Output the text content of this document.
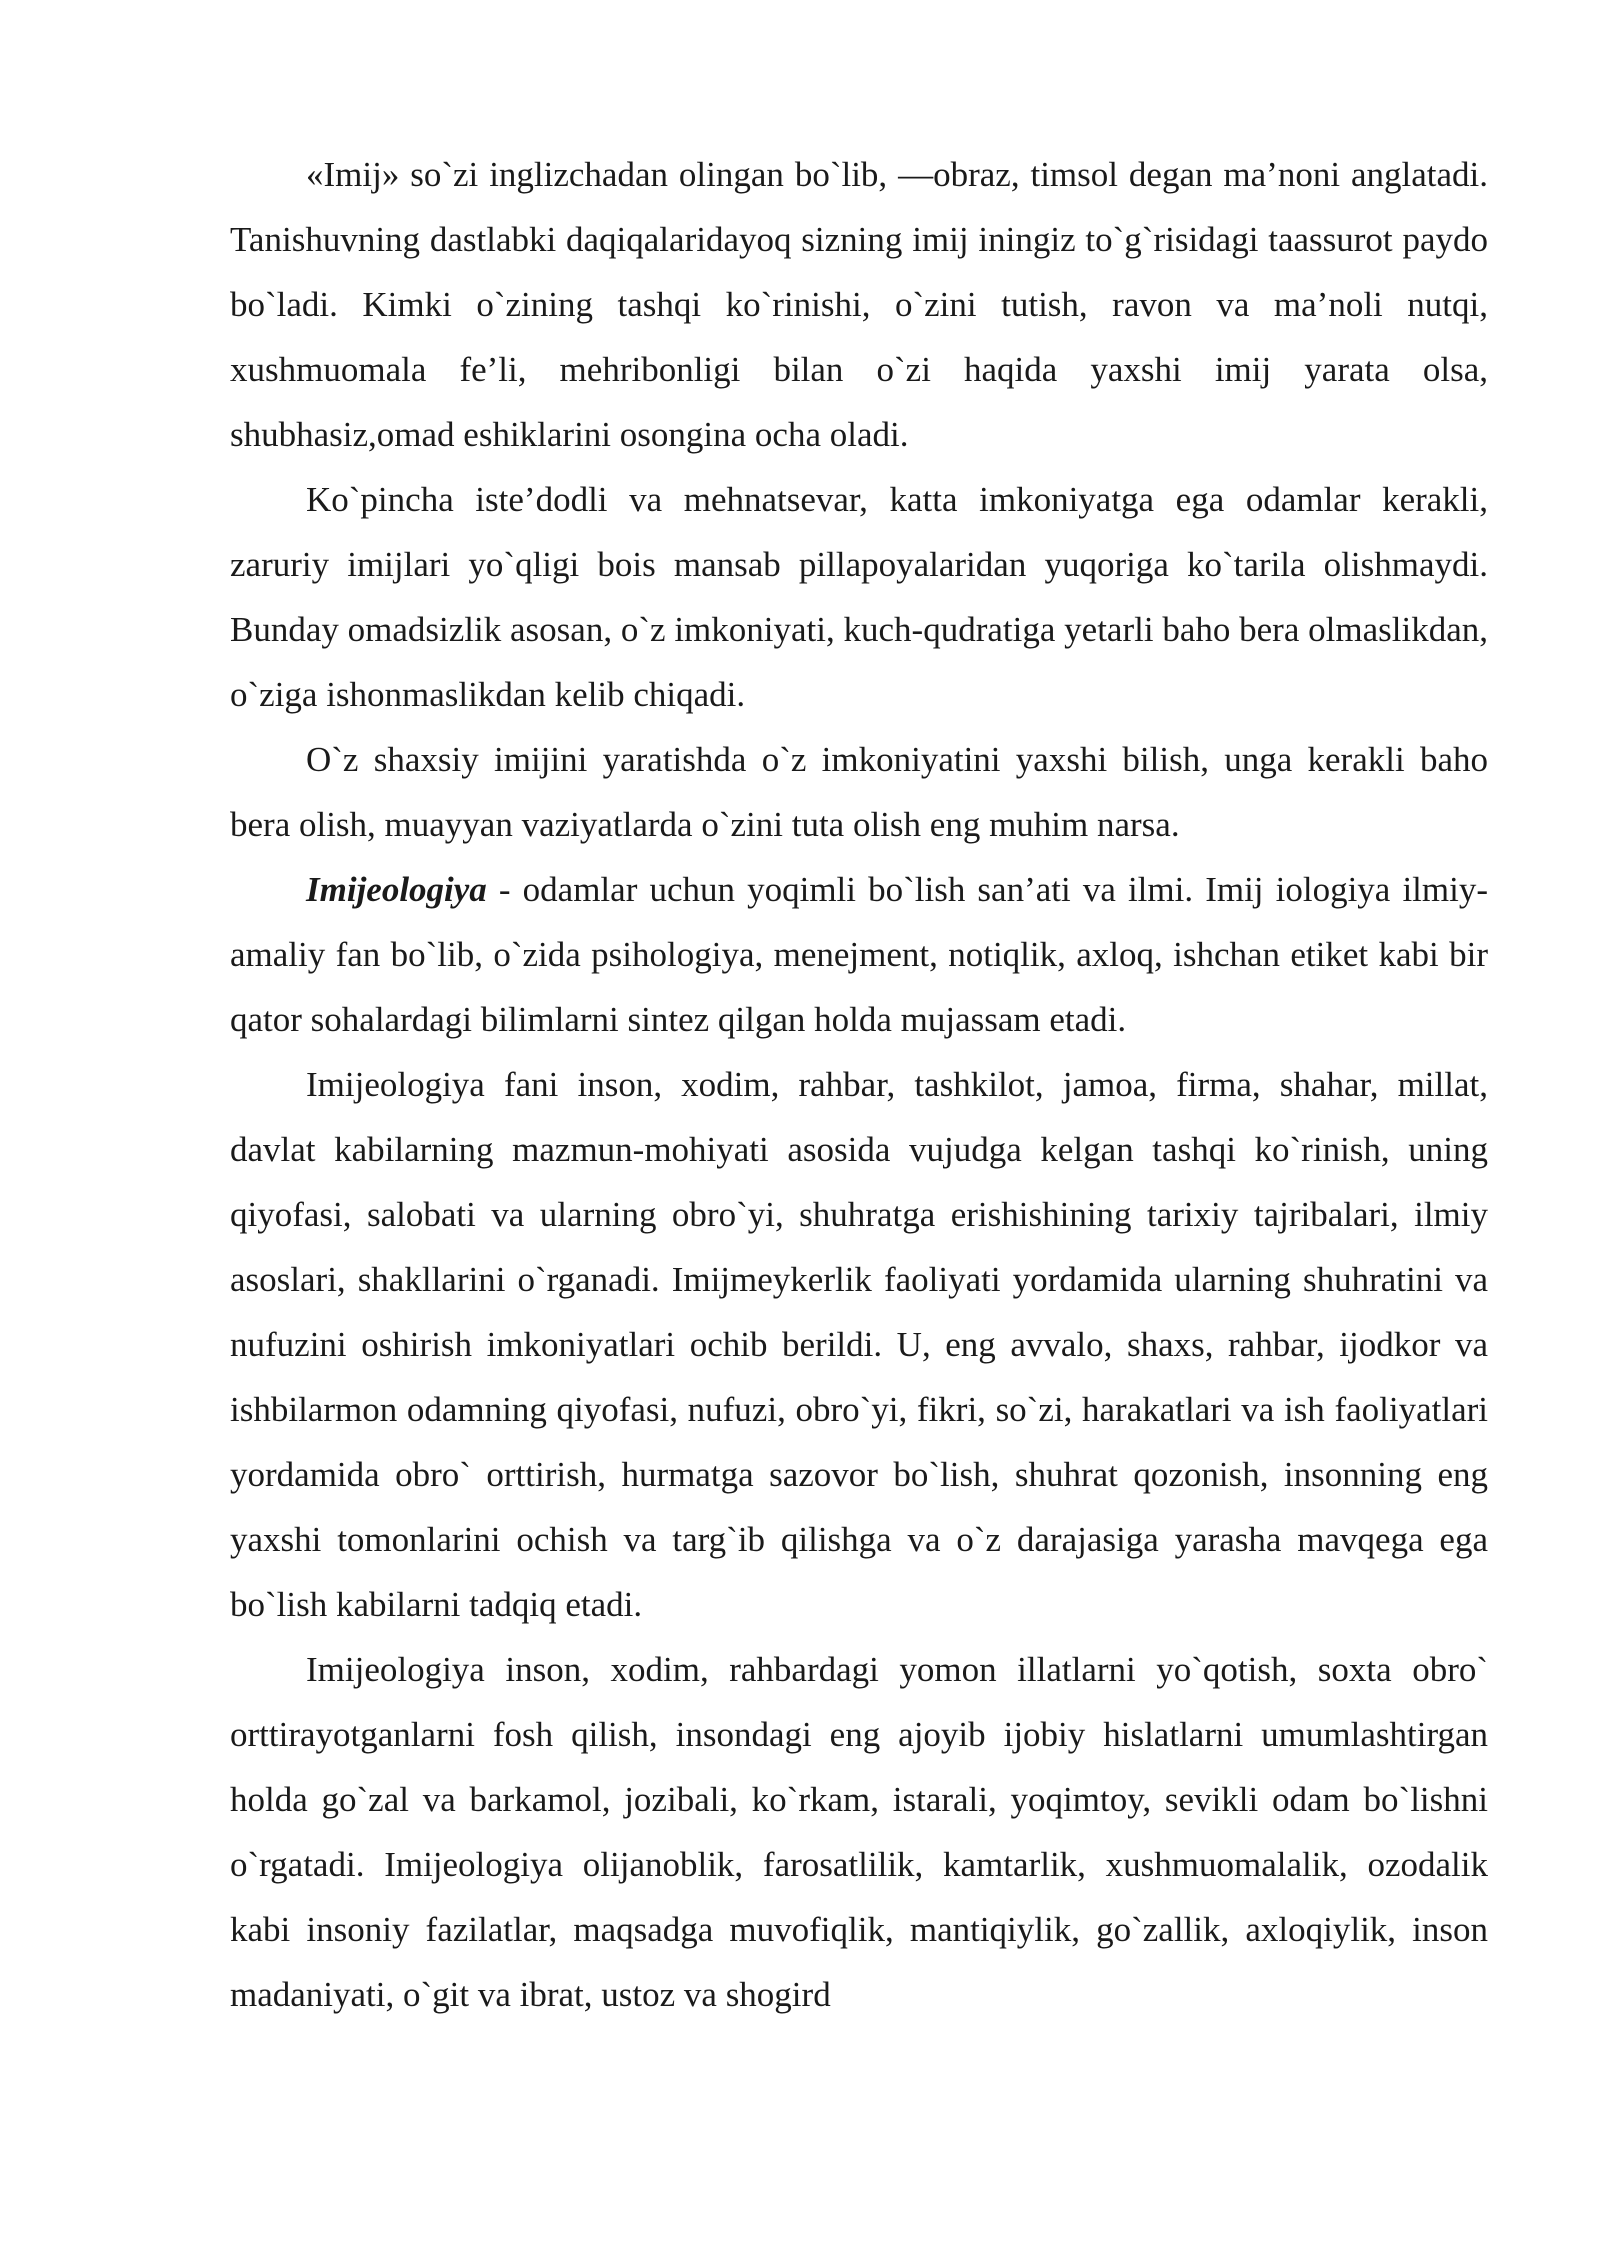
«Imij» so`zi inglizchadan olingan bo`lib, ―obraz, timsol degan ma’noni anglatadi. Tanishuvning dastlabki daqiqalaridayoq sizning imij iningiz to`g`risidagi taassurot paydo bo`ladi. Kimki o`zining tashqi ko`rinishi, o`zini tutish, ravon va ma’noli nutqi, xushmuomala fe’li, mehribonligi bilan o`zi haqida yaxshi imij yarata olsa, shubhasiz,omad eshiklarini osongina ocha oladi.

Ko`pincha iste’dodli va mehnatsevar, katta imkoniyatga ega odamlar kerakli, zaruriy imijlari yo`qligi bois mansab pillapoyalaridan yuqoriga ko`tarila olishmaydi. Bunday omadsizlik asosan, o`z imkoniyati, kuch-qudratiga yetarli baho bera olmaslikdan, o`ziga ishonmaslikdan kelib chiqadi.

O`z shaxsiy imijini yaratishda o`z imkoniyatini yaxshi bilish, unga kerakli baho bera olish, muayyan vaziyatlarda o`zini tuta olish eng muhim narsa.

Imijeologiya - odamlar uchun yoqimli bo`lish san’ati va ilmi. Imij iologiya ilmiy-amaliy fan bo`lib, o`zida psihologiya, menejment, notiqlik, axloq, ishchan etiket kabi bir qator sohalardagi bilimlarni sintez qilgan holda mujassam etadi.

Imijeologiya fani inson, xodim, rahbar, tashkilot, jamoa, firma, shahar, millat, davlat kabilarning mazmun-mohiyati asosida vujudga kelgan tashqi ko`rinish, uning qiyofasi, salobati va ularning obro`yi, shuhratga erishishining tarixiy tajribalari, ilmiy asoslari, shakllarini o`rganadi. Imijmeykerlik faoliyati yordamida ularning shuhratini va nufuzini oshirish imkoniyatlari ochib berildi. U, eng avvalo, shaxs, rahbar, ijodkor va ishbilarmon odamning qiyofasi, nufuzi, obro`yi, fikri, so`zi, harakatlari va ish faoliyatlari yordamida obro` orttirish, hurmatga sazovor bo`lish, shuhrat qozonish, insonning eng yaxshi tomonlarini ochish va targ`ib qilishga va o`z darajasiga yarasha mavqega ega bo`lish kabilarni tadqiq etadi.

Imijeologiya inson, xodim, rahbardagi yomon illatlarni yo`qotish, soxta obro` orttirayotganlarni fosh qilish, insondagi eng ajoyib ijobiy hislatlarni umumlashtirgan holda go`zal va barkamol, jozibali, ko`rkam, istarali, yoqimtoy, sevikli odam bo`lishni o`rgatadi. Imijeologiya olijanoblik, farosatlilik, kamtarlik, xushmuomalalik, ozodalik kabi insoniy fazilatlar, maqsadga muvofiqlik, mantiqiylik, go`zallik, axloqiylik, inson madaniyati, o`git va ibrat, ustoz va shogird
